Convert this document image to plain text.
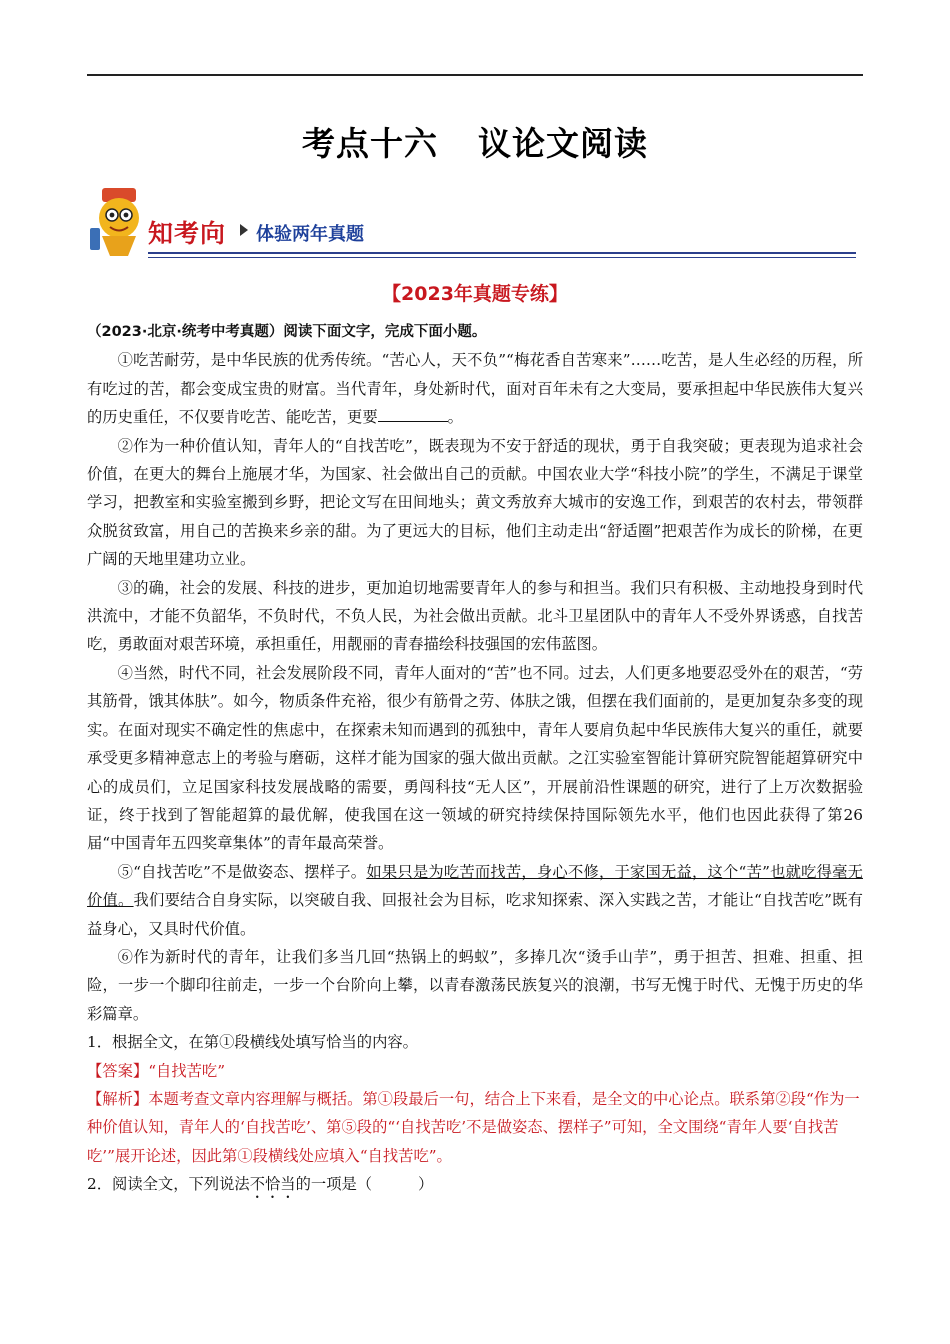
考点十六 议论文阅读
知考向 体验两年真题
【2023年真题专练】

（2023·北京·统考中考真题）阅读下面文字，完成下面小题。

①吃苦耐劳，是中华民族的优秀传统。“苦心人，天不负”“梅花香自苦寒来”……吃苦，是人生必经的历程，所有吃过的苦，都会变成宝贵的财富。当代青年，身处新时代，面对百年未有之大变局，要承担起中华民族伟大复兴的历史重任，不仅要肯吃苦、能吃苦，更要	。

②作为一种价值认知，青年人的“自找苦吃”，既表现为不安于舒适的现状，勇于自我突破；更表现为追求社会价值，在更大的舞台上施展才华，为国家、社会做出自己的贡献。中国农业大学“科技小院”的学生，不满足于课堂学习，把教室和实验室搬到乡野，把论文写在田间地头；黄文秀放弃大城市的安逸工作，到艰苦的农村去，带领群众脱贫致富，用自己的苦换来乡亲的甜。为了更远大的目标，他们主动走出“舒适圈”把艰苦作为成长的阶梯，在更广阔的天地里建功立业。

③的确，社会的发展、科技的进步，更加迫切地需要青年人的参与和担当。我们只有积极、主动地投身到时代洪流中，才能不负韶华，不负时代，不负人民，为社会做出贡献。北斗卫星团队中的青年人不受外界诱惑，自找苦吃，勇敢面对艰苦环境，承担重任，用靓丽的青春描绘科技强国的宏伟蓝图。

④当然，时代不同，社会发展阶段不同，青年人面对的“苦”也不同。过去，人们更多地要忍受外在的艰苦，“劳其筋骨，饿其体肤”。如今，物质条件充裕，很少有筋骨之劳、体肤之饿，但摆在我们面前的，是更加复杂多变的现实。在面对现实不确定性的焦虑中，在探索未知而遇到的孤独中，青年人要肩负起中华民族伟大复兴的重任，就要承受更多精神意志上的考验与磨砺，这样才能为国家的强大做出贡献。之江实验室智能计算研究院智能超算研究中心的成员们，立足国家科技发展战略的需要，勇闯科技“无人区”，开展前沿性课题的研究，进行了上万次数据验证，终于找到了智能超算的最优解，使我国在这一领域的研究持续保持国际领先水平，他们也因此获得了第26届“中国青年五四奖章集体”的青年最高荣誉。

⑤“自找苦吃”不是做姿态、摆样子。如果只是为吃苦而找苦，身心不修，于家国无益，这个“苦”也就吃得毫无价值。我们要结合自身实际，以突破自我、回报社会为目标，吃求知探索、深入实践之苦，才能让“自找苦吃”既有益身心，又具时代价值。

⑥作为新时代的青年，让我们多当几回“热锅上的蚂蚁”，多捧几次“烫手山芋”，勇于担苦、担难、担重、担险，一步一个脚印往前走，一步一个台阶向上攀，以青春激荡民族复兴的浪潮，书写无愧于时代、无愧于历史的华彩篇章。

1．根据全文，在第①段横线处填写恰当的内容。

【答案】“自找苦吃”

【解析】本题考查文章内容理解与概括。第①段最后一句，结合上下来看，是全文的中心论点。联系第②段“作为一种价值认知，青年人的‘自找苦吃’、第⑤段的“‘自找苦吃’不是做姿态、摆样子”可知，全文围绕“青年人要‘自找苦吃’”展开论述，因此第①段横线处应填入“自找苦吃”。

2．阅读全文，下列说法不恰当的一项是（　　　）
